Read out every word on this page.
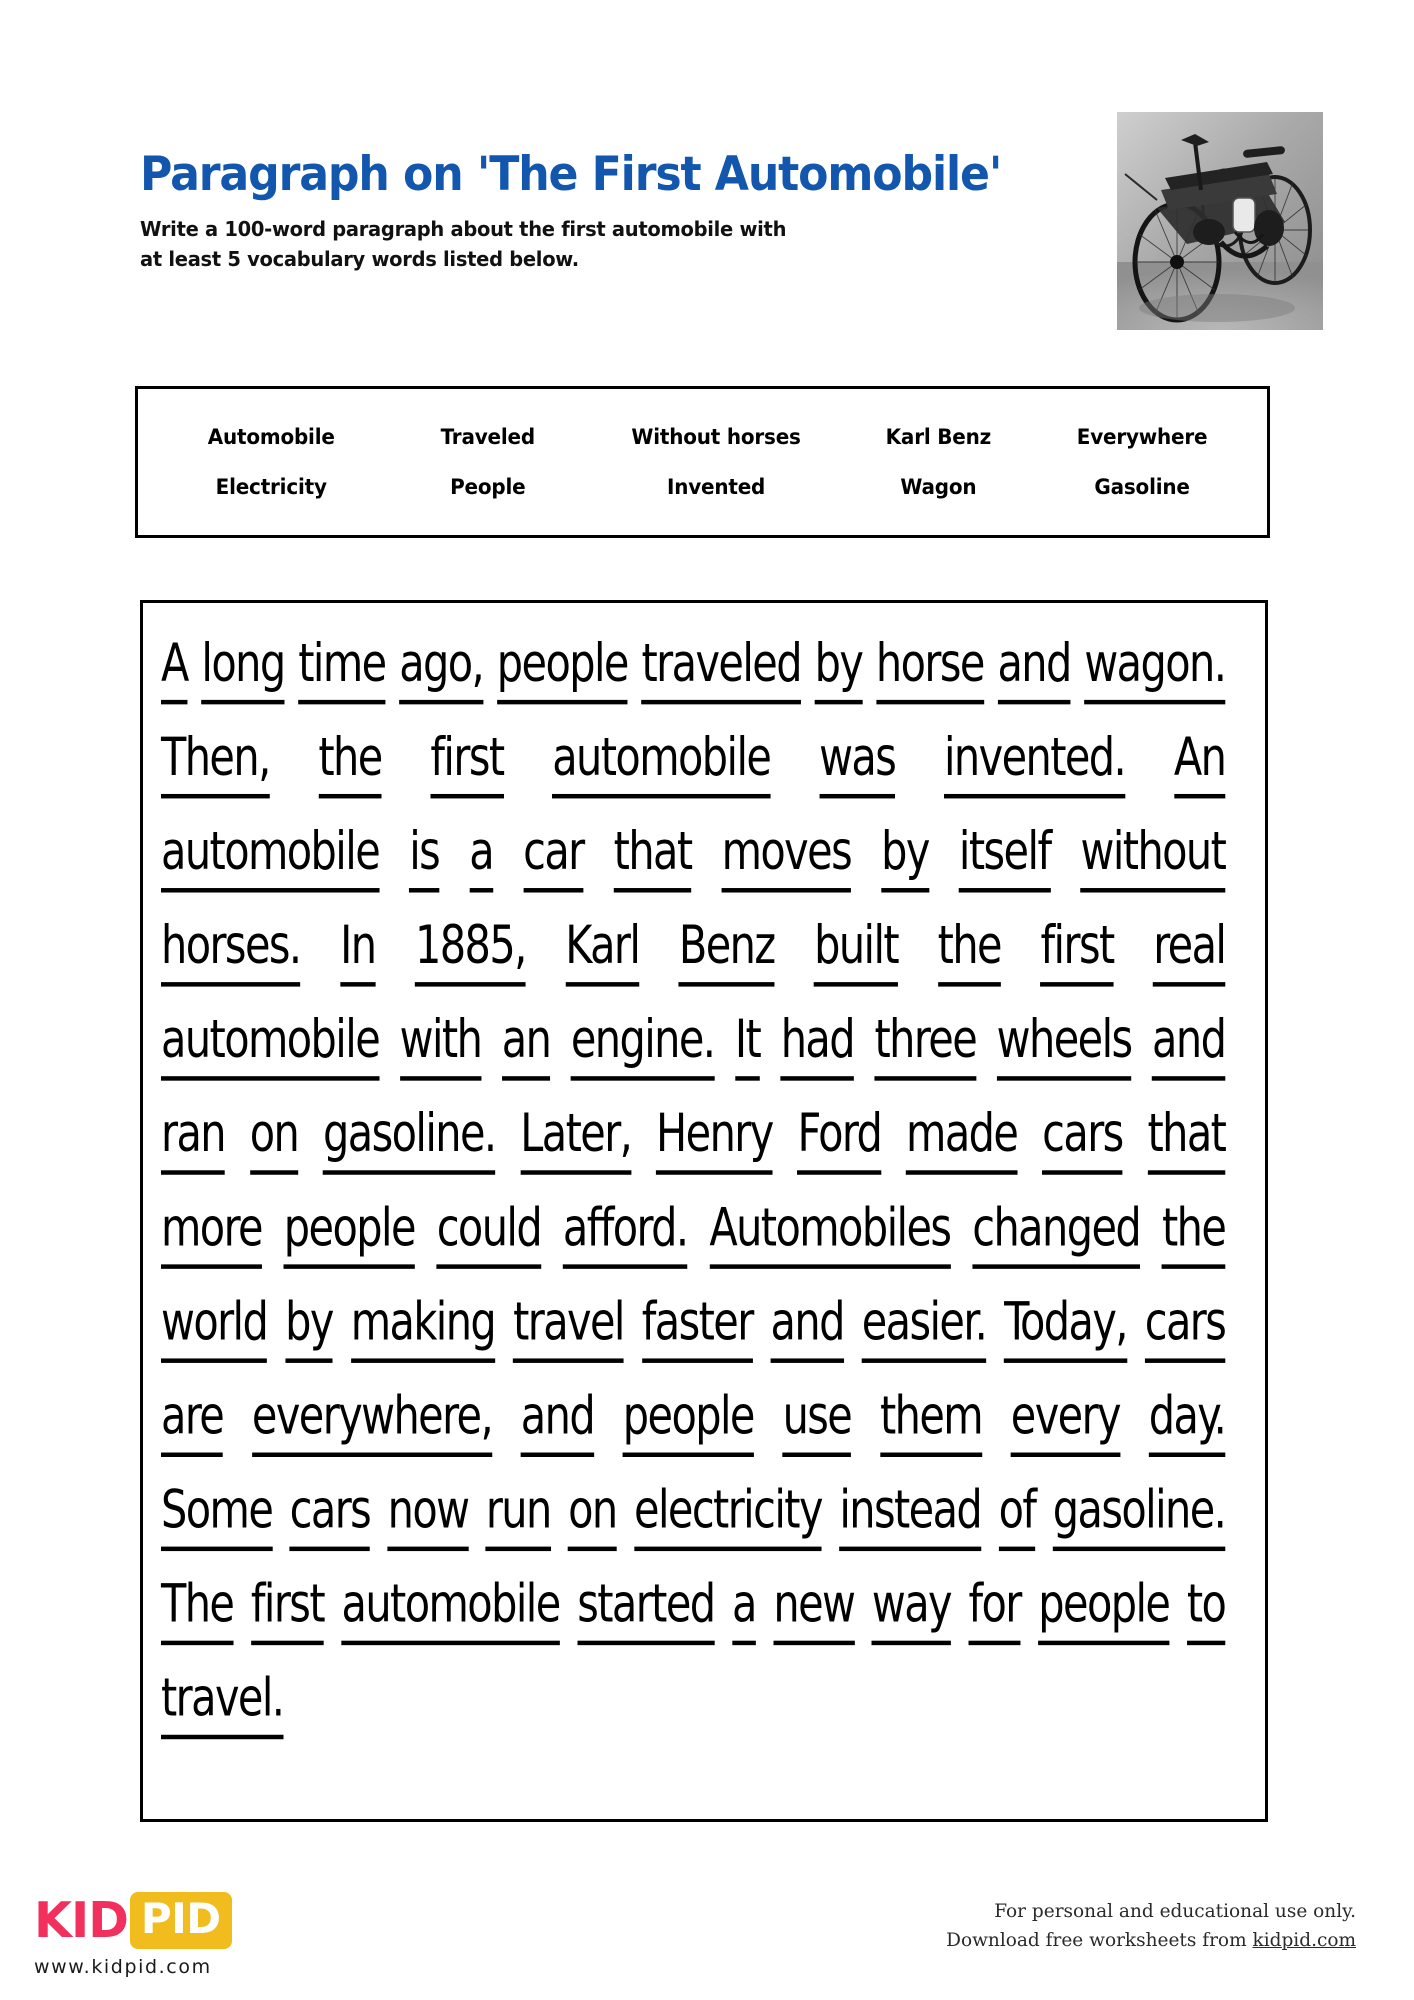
Paragraph on 'The First Automobile'
Write a 100-word paragraph about the first automobile with
at least 5 vocabulary words listed below.
Automobile	Traveled	Without horses	Karl Benz	Everywhere
Electricity	People	Invented	Wagon	Gasoline
A long time ago, people traveled by horse and wagon. Then, the first automobile was invented. An automobile is a car that moves by itself without horses. In 1885, Karl Benz built the first real automobile with an engine. It had three wheels and ran on gasoline. Later, Henry Ford made cars that more people could afford. Automobiles changed the world by making travel faster and easier. Today, cars are everywhere, and people use them every day. Some cars now run on electricity instead of gasoline. The first automobile started a new way for people to travel.
KID PID
www.kidpid.com
For personal and educational use only.
Download free worksheets from kidpid.com
